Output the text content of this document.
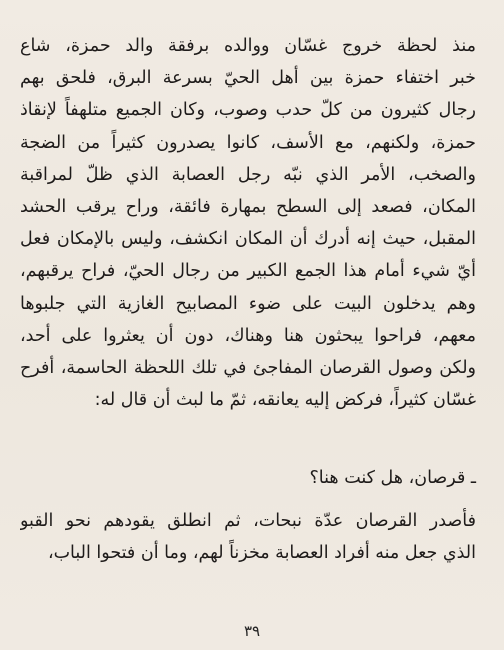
منذ لحظة خروج غسّان ووالده برفقة والد حمزة، شاع
خبر اختفاء حمزة بين أهل الحيّ بسرعة البرق، فلحق بهم
رجال كثيرون من كلّ حدب وصوب، وكان الجميع متلهفاً لإنقاذ
حمزة، ولكنهم، مع الأسف، كانوا يصدرون كثيراً من الضجة
والصخب، الأمر الذي نبّه رجل العصابة الذي ظلّ لمراقبة
المكان، فصعد إلى السطح بمهارة فائقة، وراح يرقب الحشد
المقبل، حيث إنه أدرك أن المكان انكشف، وليس بالإمكان فعل
أيّ شيء أمام هذا الجمع الكبير من رجال الحيّ، فراح يرقبهم،
وهم يدخلون البيت على ضوء المصابيح الغازية التي جلبوها
معهم، فراحوا يبحثون هنا وهناك، دون أن يعثروا على أحد،
ولكن وصول القرصان المفاجئ في تلك اللحظة الحاسمة، أفرح
غسّان كثيراً، فركض إليه يعانقه، ثمّ ما لبث أن قال له:
ـ قرصان، هل كنت هنا؟
فأصدر القرصان عدّة نبحات، ثم انطلق يقودهم نحو القبو
الذي جعل منه أفراد العصابة مخزناً لهم، وما أن فتحوا الباب،
٣٩
